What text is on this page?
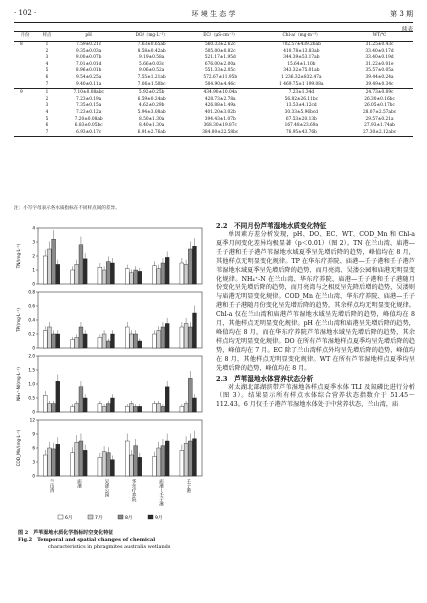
· 102 ·	环 境 生 态 学	第 3 期
续表
月份	样点	pH	DO/（mg·L⁻¹）	EC/（μS·cm⁻¹）	Chl-a/（mg·m⁻³）	WT/℃
8	1	7.59±0.21c	7.63±0.65ab	560.33±2.62c	702.57±439.26ab	31.25±0.43c
	2	9.35±0.03a	8.58±0.42ab	505.00±0.82c	410.78±13.83ab	33.40±0.17d
	3	9.00±0.07b	9.19±0.58a	521.17±1.95d	344.39±53.17ab	33.40±0.19d
	4	7.01±0.01d	5.66±0.03c	676.00±2.00a	15.64±1.10b	31.22±0.01e
	5	8.96±0.01b	9.06±0.52a	551.33±2.05c	343.32±75.01ab	35.57±0.05a
	6	9.54±0.25a	7.55±1.21ab	572.67±11.95b	1 236.32±832.47a	39.44±0.24a
	7	9.40±0.11a	7.06±1.50bc	504.90±4.46c	1 469.75±1 199.08a	39.49±0.34c
9	1	7.10±0.08abc	5.92±0.25b	434.90±10.04a	7.23±1.34d	24.73±0.09c
	2	7.23±0.19a	6.59±0.24ab	428.73±2.78a	56.82±26.11bc	26.30±0.16bc
	3	7.35±0.15a	4.62±0.29b	426.88±1.49a	13.53±4.12cd	26.05±0.17bc
	4	7.23±0.12a	5.94±3.08ab	401.20±3.02b	30.33±5.96bcd	28.07±2.57abc
	5	7.20±0.08ab	8.50±1.30a	394.43±1.07b	67.53±20.13b	29.57±0.21a
	6	6.83±0.05bc	8.40±1.30a	368.30±19.87c	167.48±23.69a	27.93±1.74ab
	7	6.93±0.17c	6.91±2.76ab	384.80±22.58bc	76.95±43.76b	27.30±2.12abc
注：小写字母表示各水质指标在不同样点间的差异。
4
3
2
1
0
TN/(mg·L⁻¹)
0.8
0.6
0.4
0.2
0
TP/(mg·L⁻¹)
2.0
1.5
1.0
0.5
0
NH₄⁺-N/(mg·L⁻¹)
12
9
6
3
0
COD_Mn/(mg·L⁻¹)
兰山湾	庙港	吴溇公园	华东疗养院	庙港—壬子港	壬子港
6月	7月	8月	9月
图 2　芦苇湿地水质化学指标时空变化特征
Fig.2　Temporal and spatial changes of chemical
characteristics in phragmites australis wetlands
2.2　不同月份芦苇湿地水质变化特征

单因素方差分析发现，pH、DO、EC、WT、COD_Mn 和 Chl-a 夏季月间变化差异均极显著（p＜0.01）（图 2）。TN 在兰山湾、庙港—壬子港和壬子港芦苇湿地水域夏季呈先增后降的趋势，峰值均在 8 月，其他样点无明显变化规律。TP 在华东疗养院、庙港—壬子港和壬子港芦苇湿地水域夏季呈先增后降的趋势，而月亮湾、吴溇公园和庙港无明显变化规律。NH₄⁺-N 在兰山湾、华东疗养院、庙港—壬子港和壬子港随月份变化呈先增后降的趋势，而月亮湾与之相反呈先降后增的趋势，吴溇则与庙港无明显变化规律。COD_Mn 在兰山湾、华东疗养院、庙港—壬子港和壬子港随月份变化呈先增后降的趋势，其余样点均无明显变化规律。Chl-a 仅在兰山湾和庙港芦苇湿地水域呈先增后降的趋势，峰值均在 8 月，其他样点无明显变化规律。pH 在兰山湾和庙港呈先增后降的趋势，峰值均在 8 月，而在华东疗养院芦苇湿地水域呈先增后降的趋势，其余样点均无明显变化规律。DO 在所有芦苇湿地样点夏季均呈先增后降的趋势，峰值均在 7 月。EC 除了兰山湾样点外均呈先增后降的趋势，峰值均在 8 月，其他样点无明显变化规律。WT 在所有芦苇湿地样点夏季均呈先增后降的趋势，峰值均在 8 月。

2.3　芦苇湿地水体营养状态分析

对太湖北部湖滨带芦苇湿地各样点夏季水体 TLI 及氮磷比进行分析（图 3）。结果显示所有样点水体综合营养状态指数介于 51.45～112.43。6 月仅壬子港芦苇湿地水体处于中营养状态，兰山湾，庙
